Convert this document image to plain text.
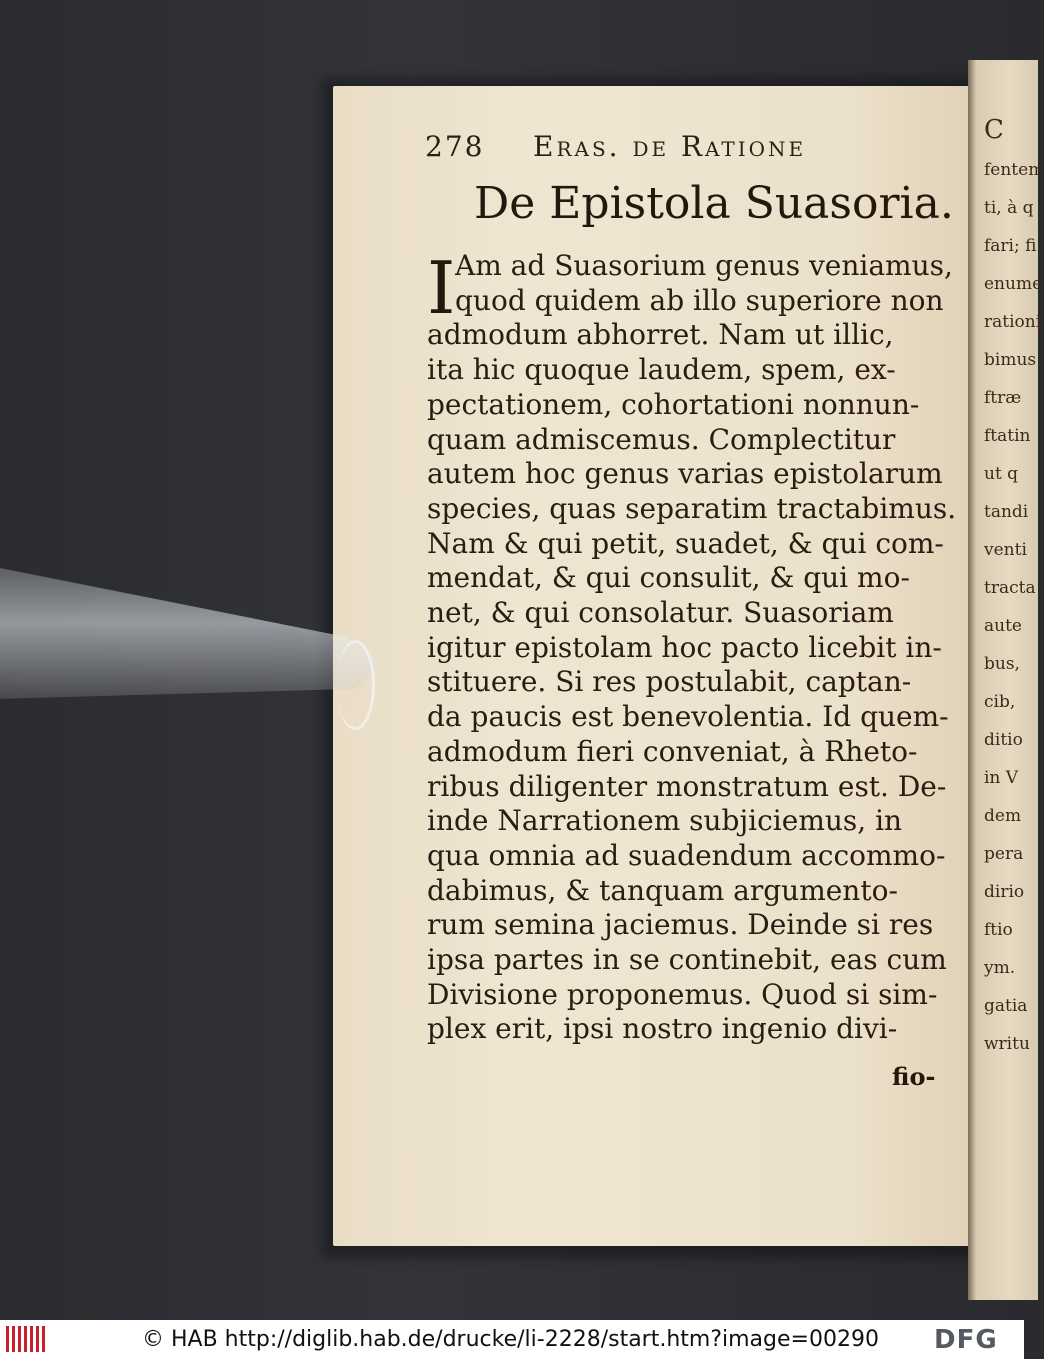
C
fentem
ti, à q
fari; fi
enume
rationi
bimus
ftræ
ftatin
ut q
tandi
venti
tracta
aute
bus,
cib,
ditio
in V
dem
pera
dirio
ftio
ym.
gatia
writu
278 Eras. de Ratione
De Epistola Suasoria.
I Am ad Suasorium genus veniamus,
quod quidem ab illo superiore non
admodum abhorret. Nam ut illic,
ita hic quoque laudem, spem, ex-
pectationem, cohortationi nonnun-
quam admiscemus. Complectitur
autem hoc genus varias epistolarum
species, quas separatim tractabimus.
Nam & qui petit, suadet, & qui com-
mendat, & qui consulit, & qui mo-
net, & qui consolatur. Suasoriam
igitur epistolam hoc pacto licebit in-
stituere. Si res postulabit, captan-
da paucis est benevolentia. Id quem-
admodum fieri conveniat, à Rheto-
ribus diligenter monstratum est. De-
inde Narrationem subjiciemus, in
qua omnia ad suadendum accommo-
dabimus, & tanquam argumento-
rum semina jaciemus. Deinde si res
ipsa partes in se continebit, eas cum
Divisione proponemus. Quod si sim-
plex erit, ipsi nostro ingenio divi-
fio-
© HAB http://diglib.hab.de/drucke/li-2228/start.htm?image=00290 DFG
